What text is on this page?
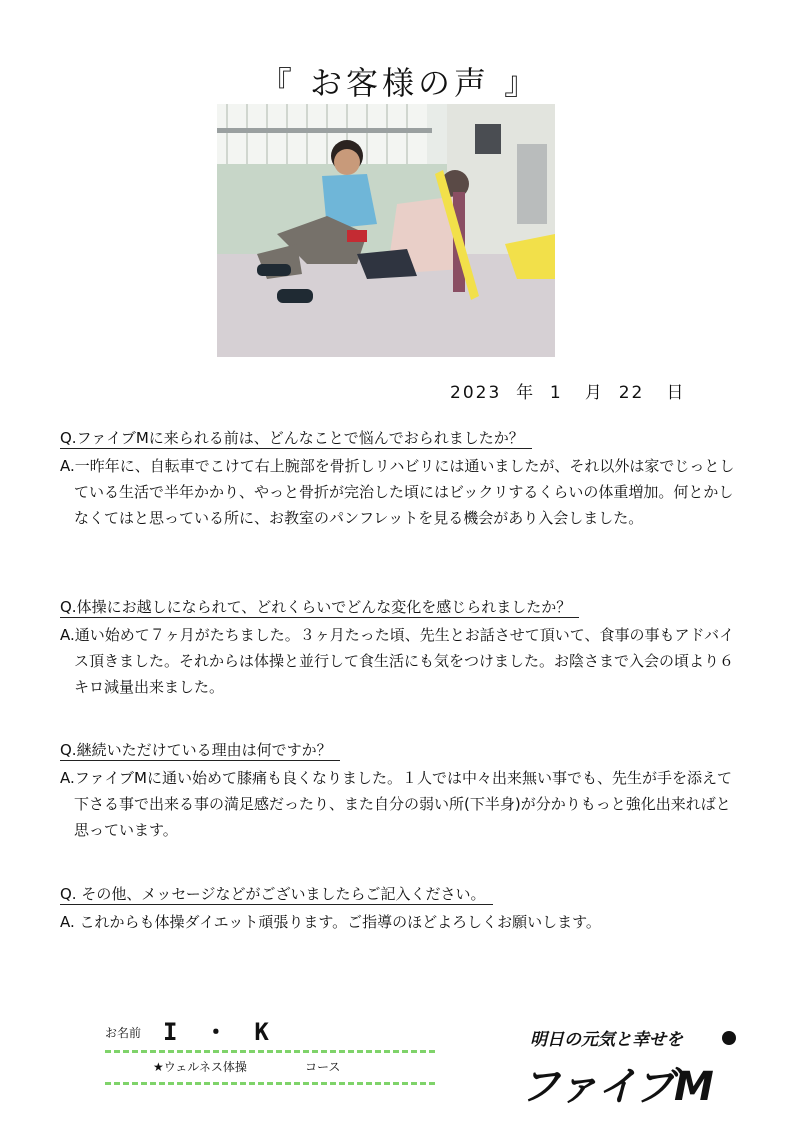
『 お客様の声 』
2023  年  1   月  22   日
Q.ファイブMに来られる前は、どんなことで悩んでおられましたか？
A.一昨年に、自転車でこけて右上腕部を骨折しリハビリには通いましたが、それ以外は家でじっとしている生活で半年かかり、やっと骨折が完治した頃にはビックリするくらいの体重増加。何とかしなくてはと思っている所に、お教室のパンフレットを見る機会があり入会しました。
Q.体操にお越しになられて、どれくらいでどんな変化を感じられましたか？
A.通い始めて７ヶ月がたちました。３ヶ月たった頃、先生とお話させて頂いて、食事の事もアドバイス頂きました。それからは体操と並行して食生活にも気をつけました。お陰さまで入会の頃より６キロ減量出来ました。
Q.継続いただけている理由は何ですか？
A.ファイブMに通い始めて膝痛も良くなりました。１人では中々出来無い事でも、先生が手を添えて下さる事で出来る事の満足感だったり、また自分の弱い所(下半身)が分かりもっと強化出来ればと思っています。
Q. その他、メッセージなどがございましたらご記入ください。
A. これからも体操ダイエット頑張ります。ご指導のほどよろしくお願いします。
お名前 I ・ K
★ウェルネス体操	コース
明日の元気と幸せを
ファイブM
